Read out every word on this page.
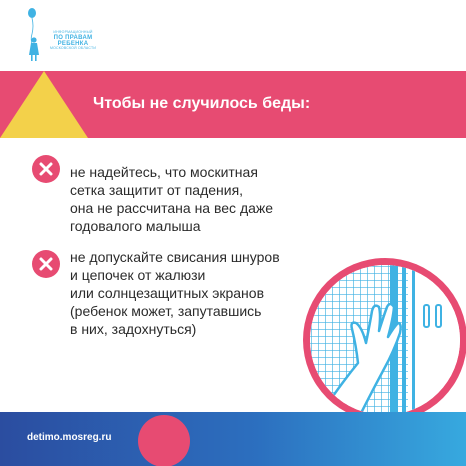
ИНФОРМАЦИОННЫЙ
ПО ПРАВАМ
РЕБЕНКА
МОСКОВСКОЙ ОБЛАСТИ
Чтобы не случилось беды:
не надейтесь, что москитная
сетка защитит от падения,
она не рассчитана на вес даже
годовалого малыша
не допускайте свисания шнуров
и цепочек от жалюзи
или солнцезащитных экранов
(ребенок может, запутавшись
в них, задохнуться)
detimo.mosreg.ru
